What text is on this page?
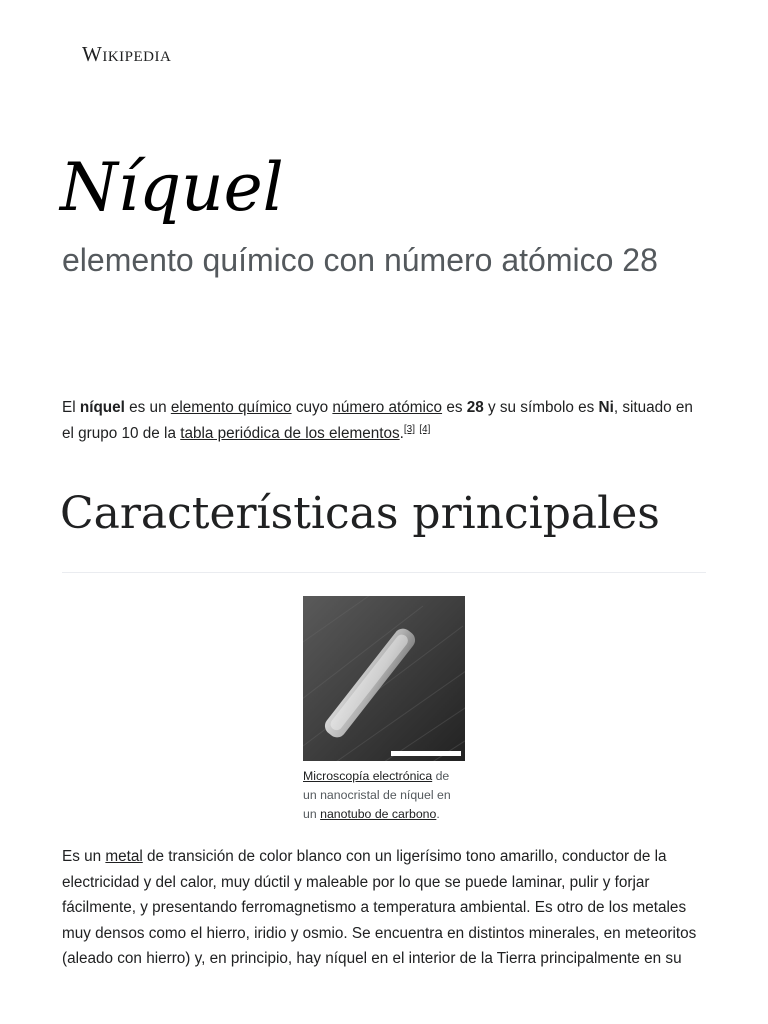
Wikipedia
Níquel
elemento químico con número atómico 28

El níquel es un elemento químico cuyo número atómico es 28 y su símbolo es Ni, situado en el grupo 10 de la tabla periódica de los elementos.[3] [4]

Características principales
Microscopía electrónica de un nanocristal de níquel en un nanotubo de carbono.

Es un metal de transición de color blanco con un ligerísimo tono amarillo, conductor de la electricidad y del calor, muy dúctil y maleable por lo que se puede laminar, pulir y forjar fácilmente, y presentando ferromagnetismo a temperatura ambiental. Es otro de los metales muy densos como el hierro, iridio y osmio. Se encuentra en distintos minerales, en meteoritos (aleado con hierro) y, en principio, hay níquel en el interior de la Tierra principalmente en su
